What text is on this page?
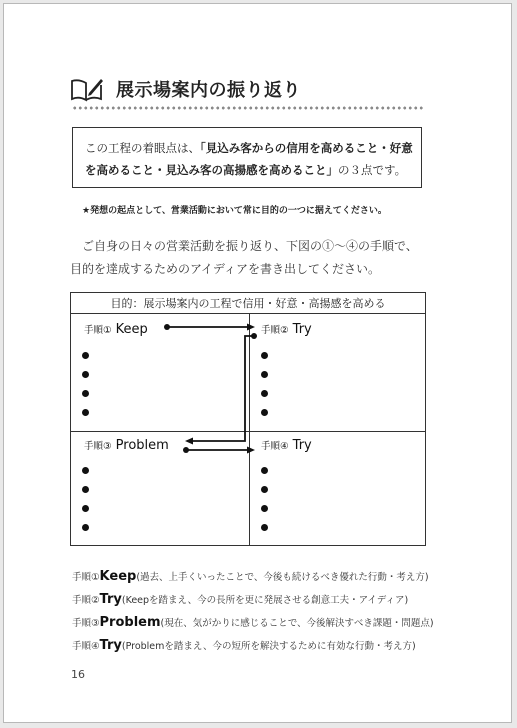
展示場案内の振り返り
この工程の着眼点は、「見込み客からの信用を高めること・好意
を高めること・見込み客の高揚感を高めること」の３点です。
★発想の起点として、営業活動において常に目的の一つに据えてください。
ご自身の日々の営業活動を振り返り、下図の①〜④の手順で、目的を達成するためのアイディアを書き出してください。
目的：展示場案内の工程で信用・好意・高揚感を高める
手順① Keep	手順② Try
手順③ Problem	手順④ Try
手順①Keep(過去、上手くいったことで、今後も続けるべき優れた行動・考え方)
手順②Try(Keepを踏まえ、今の長所を更に発展させる創意工夫・アイディア)
手順③Problem(現在、気がかりに感じることで、今後解決すべき課題・問題点)
手順④Try(Problemを踏まえ、今の短所を解決するために有効な行動・考え方)
16
